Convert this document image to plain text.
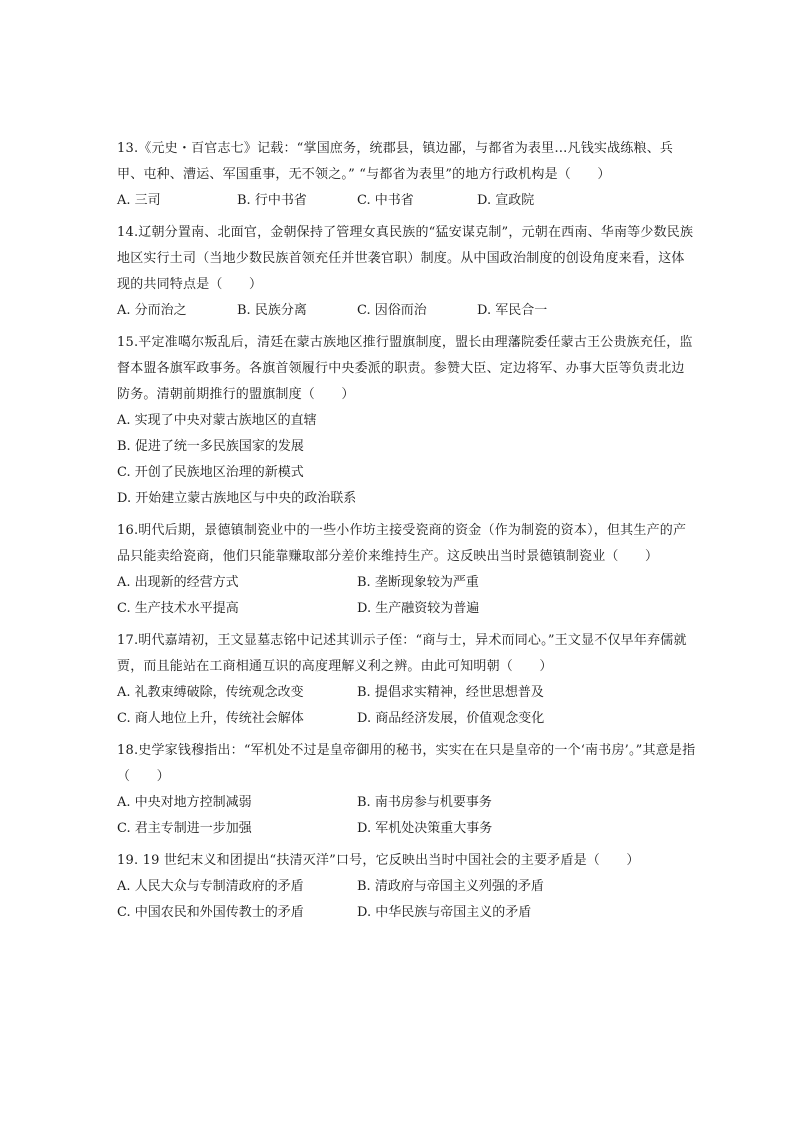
13.《元史・百官志七》记载：“掌国庶务，统郡县，镇边鄙，与都省为表里…凡钱实战练粮、兵甲、屯种、漕运、军国重事，无不领之。” “与都省为表里”的地方行政机构是（　　）

A. 三司	B. 行中书省	C. 中书省	D. 宣政院

14.辽朝分置南、北面官，金朝保持了管理女真民族的“猛安谋克制”，元朝在西南、华南等少数民族地区实行土司（当地少数民族首领充任并世袭官职）制度。从中国政治制度的创设角度来看，这体现的共同特点是（　　）

A. 分而治之	B. 民族分离	C. 因俗而治	D. 军民合一

15.平定准噶尔叛乱后，清廷在蒙古族地区推行盟旗制度，盟长由理藩院委任蒙古王公贵族充任，监督本盟各旗军政事务。各旗首领履行中央委派的职责。参赞大臣、定边将军、办事大臣等负责北边防务。清朝前期推行的盟旗制度（　　）

A. 实现了中央对蒙古族地区的直辖
B. 促进了统一多民族国家的发展
C. 开创了民族地区治理的新模式
D. 开始建立蒙古族地区与中央的政治联系

16.明代后期，景德镇制瓷业中的一些小作坊主接受瓷商的资金（作为制瓷的资本），但其生产的产品只能卖给瓷商，他们只能靠赚取部分差价来维持生产。这反映出当时景德镇制瓷业（　　）

A. 出现新的经营方式	B. 垄断现象较为严重
C. 生产技术水平提高	D. 生产融资较为普遍

17.明代嘉靖初，王文显墓志铭中记述其训示子侄：“商与士，异术而同心。”王文显不仅早年弃儒就贾，而且能站在工商相通互识的高度理解义利之辨。由此可知明朝（　　）

A. 礼教束缚破除，传统观念改变	B. 提倡求实精神，经世思想普及
C. 商人地位上升，传统社会解体	D. 商品经济发展，价值观念变化

18.史学家钱穆指出：“军机处不过是皇帝御用的秘书，实实在在只是皇帝的一个‘南书房’。”其意是指（　　）

A. 中央对地方控制减弱	B. 南书房参与机要事务
C. 君主专制进一步加强	D. 军机处决策重大事务

19. 19 世纪末义和团提出“扶清灭洋”口号，它反映出当时中国社会的主要矛盾是（　　）

A. 人民大众与专制清政府的矛盾	B. 清政府与帝国主义列强的矛盾
C. 中国农民和外国传教士的矛盾	D. 中华民族与帝国主义的矛盾
